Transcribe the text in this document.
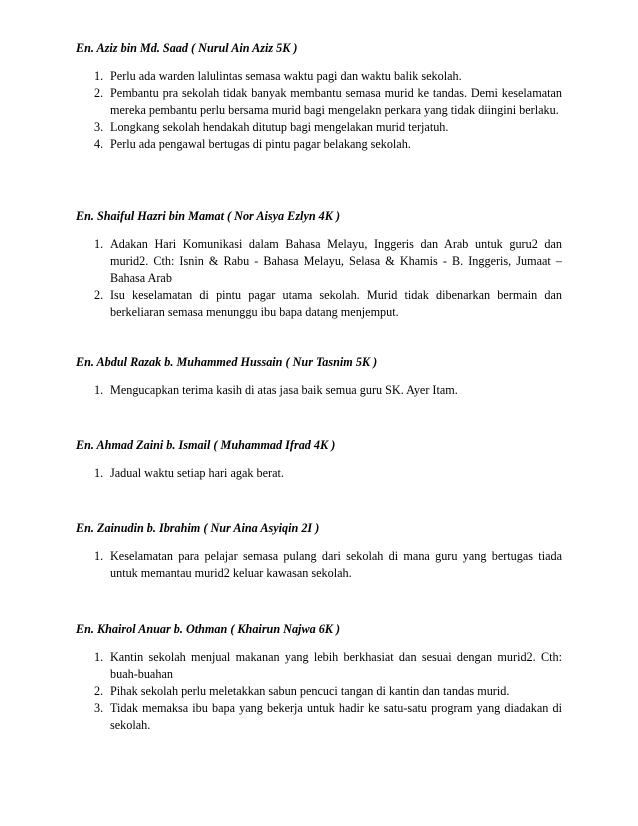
En. Aziz bin Md. Saad ( Nurul Ain Aziz 5K )

1. Perlu ada warden lalulintas semasa waktu pagi dan waktu balik sekolah.
2. Pembantu pra sekolah tidak banyak membantu semasa murid ke tandas. Demi keselamatan mereka pembantu perlu bersama murid bagi mengelakn perkara yang tidak diingini berlaku.
3. Longkang sekolah hendakah ditutup bagi mengelakan murid terjatuh.
4. Perlu ada pengawal bertugas di pintu pagar belakang sekolah.

En. Shaiful Hazri bin Mamat ( Nor Aisya Ezlyn 4K )

1. Adakan Hari Komunikasi dalam Bahasa Melayu, Inggeris dan Arab untuk guru2 dan murid2. Cth: Isnin & Rabu - Bahasa Melayu, Selasa & Khamis - B. Inggeris, Jumaat – Bahasa Arab
2. Isu keselamatan di pintu pagar utama sekolah. Murid tidak dibenarkan bermain dan berkeliaran semasa menunggu ibu bapa datang menjemput.

En. Abdul Razak b. Muhammed Hussain ( Nur Tasnim 5K )

1. Mengucapkan terima kasih di atas jasa baik semua guru SK. Ayer Itam.

En. Ahmad Zaini b. Ismail ( Muhammad Ifrad 4K )

1. Jadual waktu setiap hari agak berat.

En. Zainudin b. Ibrahim ( Nur Aina Asyiqin 2I )

1. Keselamatan para pelajar semasa pulang dari sekolah di mana guru yang bertugas tiada untuk memantau murid2 keluar kawasan sekolah.

En. Khairol Anuar b. Othman ( Khairun Najwa 6K )

1. Kantin sekolah menjual makanan yang lebih berkhasiat dan sesuai dengan murid2. Cth: buah-buahan
2. Pihak sekolah perlu meletakkan sabun pencuci tangan di kantin dan tandas murid.
3. Tidak memaksa ibu bapa yang bekerja untuk hadir ke satu-satu program yang diadakan di sekolah.
